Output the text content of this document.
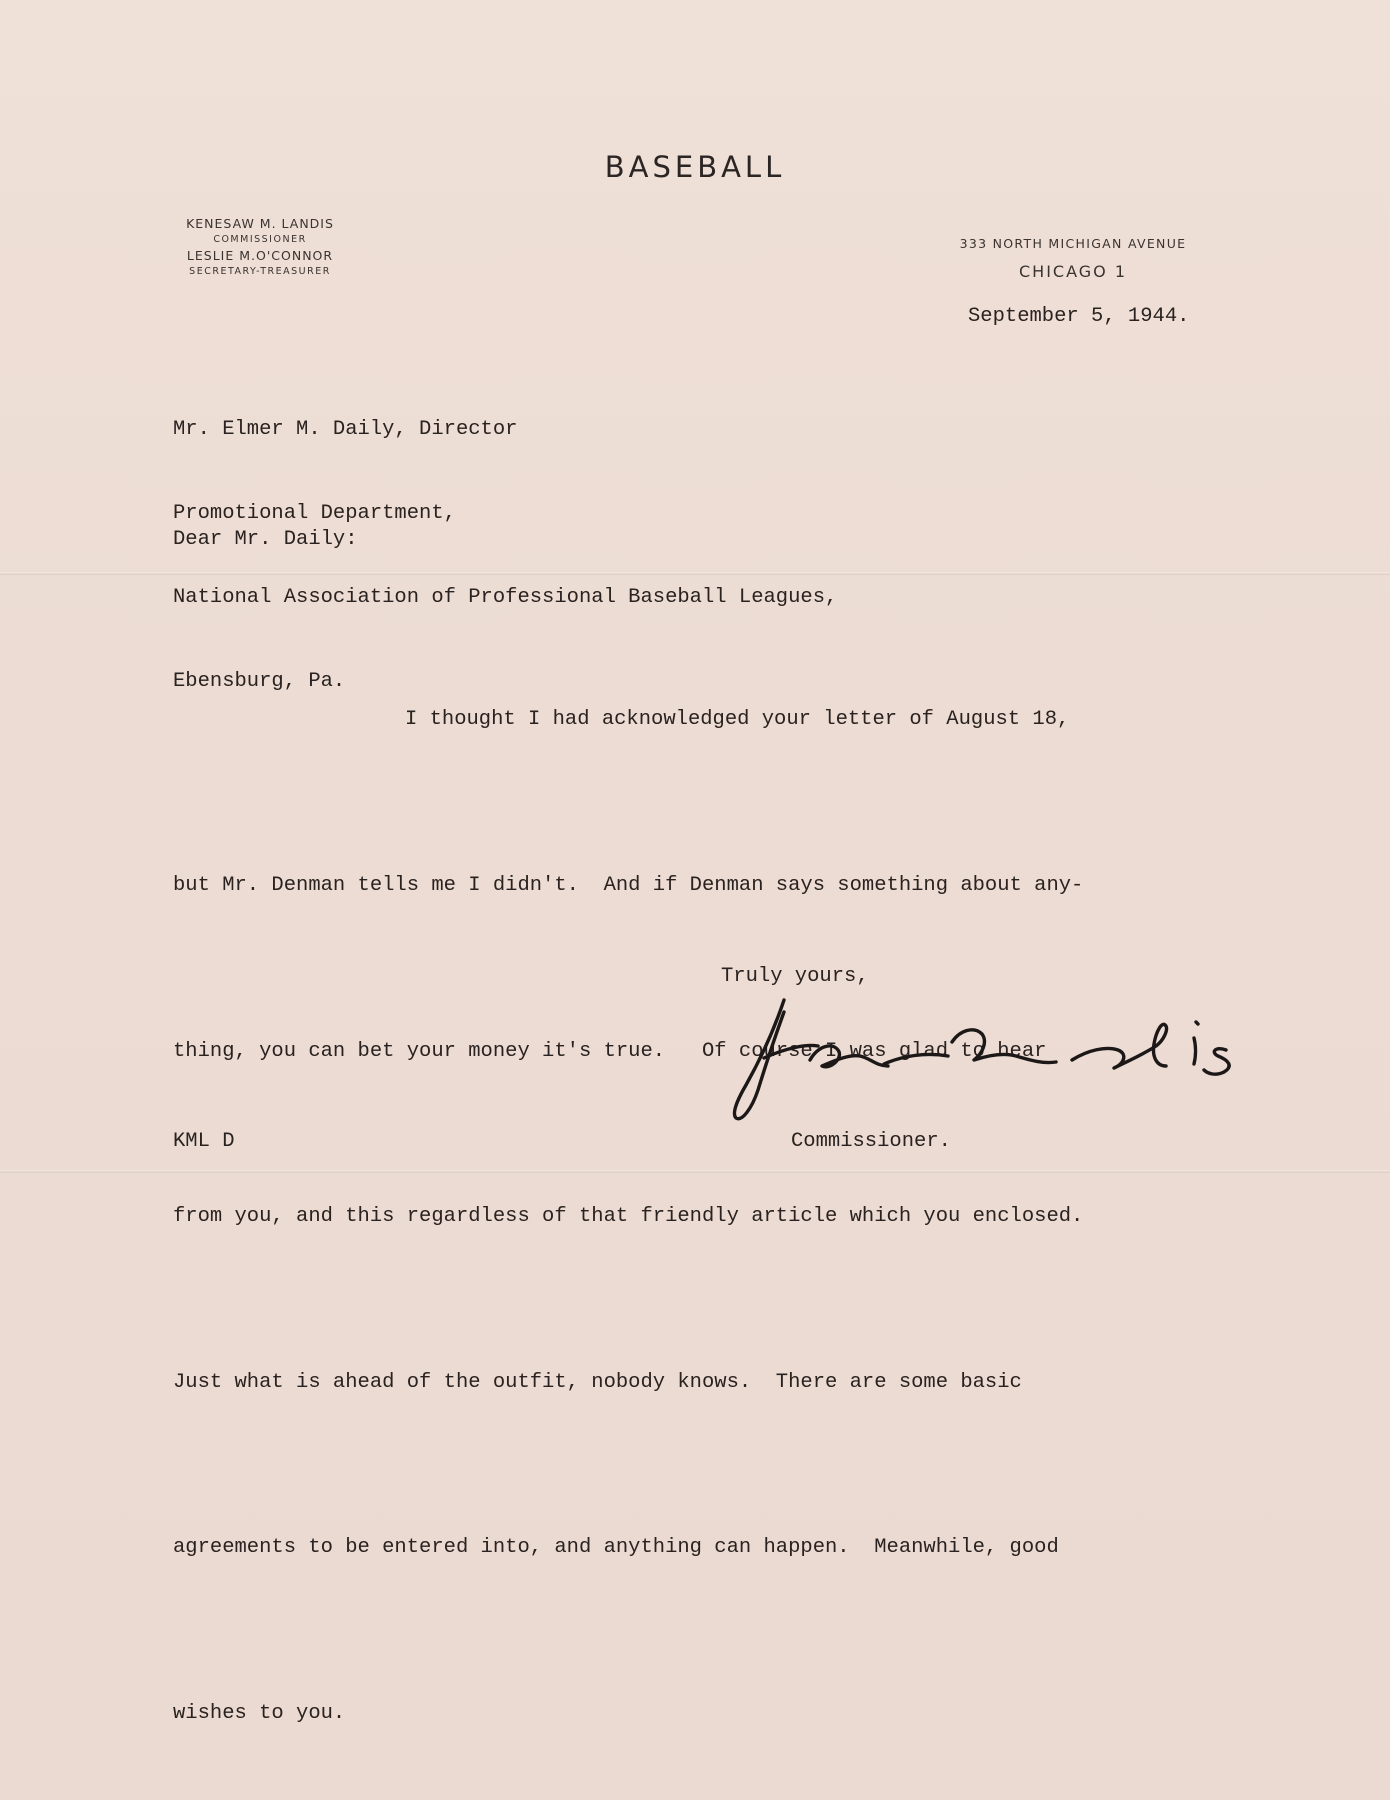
BASEBALL
KENESAW M. LANDIS
COMMISSIONER
LESLIE M.O'CONNOR
SECRETARY-TREASURER
333 NORTH MICHIGAN AVENUE
CHICAGO 1
September 5, 1944.

Mr. Elmer M. Daily, Director

Promotional Department,

National Association of Professional Baseball Leagues,

Ebensburg, Pa.

Dear Mr. Daily:

I thought I had acknowledged your letter of August 18,

but Mr. Denman tells me I didn't.  And if Denman says something about any-

thing, you can bet your money it's true.   Of course I was glad to hear

from you, and this regardless of that friendly article which you enclosed.

Just what is ahead of the outfit, nobody knows.  There are some basic

agreements to be entered into, and anything can happen.  Meanwhile, good

wishes to you.

Truly yours,
Commissioner.
KML D
